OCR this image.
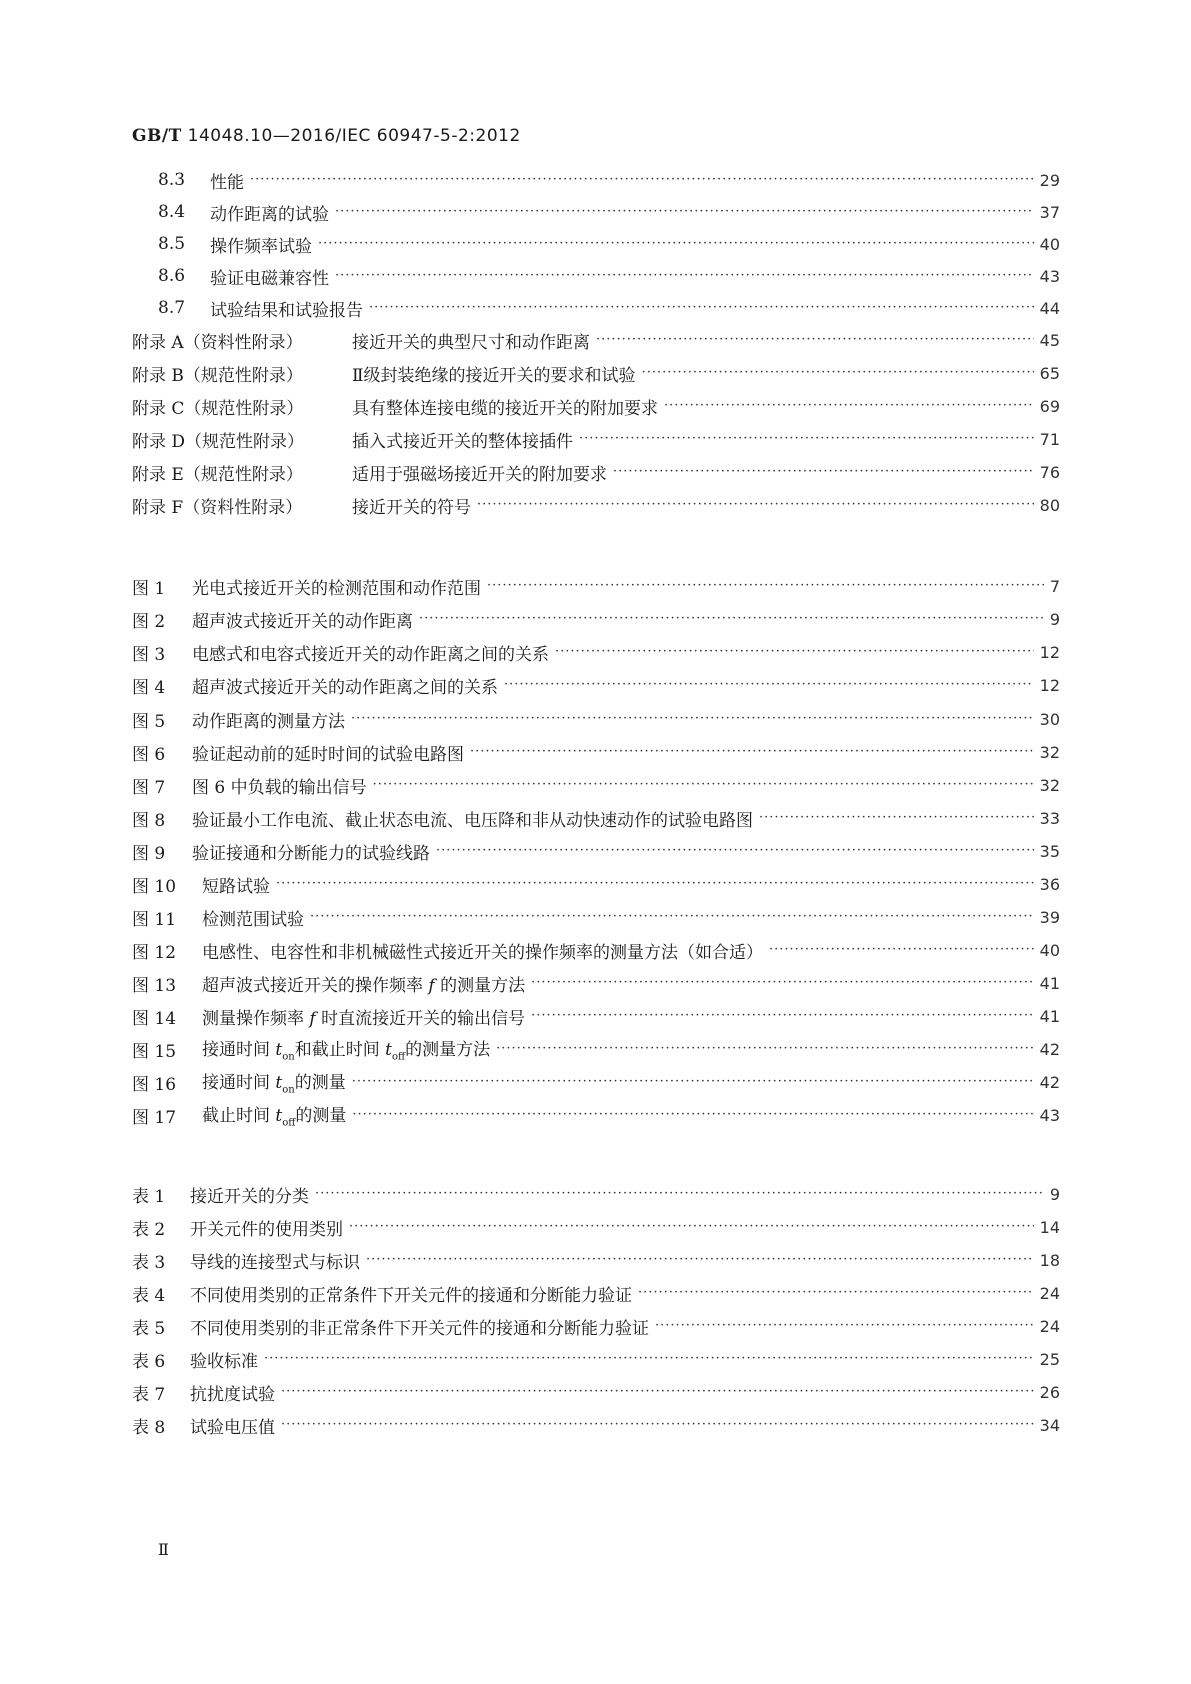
GB/T 14048.10—2016/IEC 60947-5-2:2012
8.3	性能 ·····	29
8.4	动作距离的试验 ·····	37
8.5	操作频率试验 ·····	40
8.6	验证电磁兼容性 ·····	43
8.7	试验结果和试验报告 ·····	44
附录 A（资料性附录）	接近开关的典型尺寸和动作距离 ·····	45
附录 B（规范性附录）	Ⅱ级封装绝缘的接近开关的要求和试验 ·····	65
附录 C（规范性附录）	具有整体连接电缆的接近开关的附加要求 ·····	69
附录 D（规范性附录）	插入式接近开关的整体接插件 ·····	71
附录 E（规范性附录）	适用于强磁场接近开关的附加要求 ·····	76
附录 F（资料性附录）	接近开关的符号 ·····	80
图 1	光电式接近开关的检测范围和动作范围 ·····	7
图 2	超声波式接近开关的动作距离 ·····	9
图 3	电感式和电容式接近开关的动作距离之间的关系 ·····	12
图 4	超声波式接近开关的动作距离之间的关系 ·····	12
图 5	动作距离的测量方法 ·····	30
图 6	验证起动前的延时时间的试验电路图 ·····	32
图 7	图 6 中负载的输出信号 ·····	32
图 8	验证最小工作电流、截止状态电流、电压降和非从动快速动作的试验电路图 ·····	33
图 9	验证接通和分断能力的试验线路 ·····	35
图 10	短路试验 ·····	36
图 11	检测范围试验 ·····	39
图 12	电感性、电容性和非机械磁性式接近开关的操作频率的测量方法（如合适） ·····	40
图 13	超声波式接近开关的操作频率 f 的测量方法 ·····	41
图 14	测量操作频率 f 时直流接近开关的输出信号 ·····	41
图 15	接通时间 $t_{on}$和截止时间 $t_{off}$的测量方法 ·····	42
图 16	接通时间 $t_{on}$的测量 ·····	42
图 17	截止时间 $t_{off}$的测量 ·····	43
表 1	接近开关的分类 ·····	9
表 2	开关元件的使用类别 ·····	14
表 3	导线的连接型式与标识 ·····	18
表 4	不同使用类别的正常条件下开关元件的接通和分断能力验证 ·····	24
表 5	不同使用类别的非正常条件下开关元件的接通和分断能力验证 ·····	24
表 6	验收标准 ·····	25
表 7	抗扰度试验 ·····	26
表 8	试验电压值 ·····	34
Ⅱ
